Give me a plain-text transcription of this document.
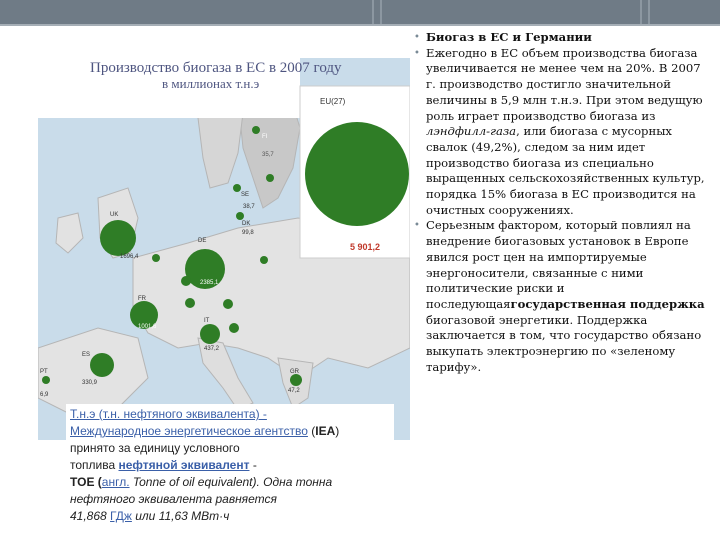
EU(27)
5 901,2
FI
35,7
SE
38,7
DK
99,8
UK
1696,4
DE
2385,1
FR
1001,6
IT
437,2
ES
330,9
PT
6,9
GR
47,2
Производство биогаза в ЕС в 2007 году
в миллионах т.н.э
Т.н.э (т.н. нефтяного эквивалента) -
Международное энергетическое агентство (IEA)
принято за единицу условного
топлива нефтяной эквивалент -
TOE (англ. Tonne of oil equivalent). Одна тонна
нефтяного эквивалента равняется
41,868 ГДж или 11,63 МВт·ч
• Биогаз в ЕС и Германии
• Ежегодно в ЕС объем производства биогаза увеличивается не менее чем на 20%. В 2007 г. производство достигло значительной величины в 5,9 млн т.н.э. При этом ведущую роль играет производство биогаза из лэндфилл-газа, или биогаза с мусорных свалок (49,2%), следом за ним идет производство биогаза из специально выращенных сельскохозяйственных культур, порядка 15% биогаза в ЕС производится на очистных сооружениях.
• Серьезным фактором, который повлиял на внедрение биогазовых установок в Европе явился рост цен на импортируемые энергоносители, связанные с ними политические риски и последующаягосударственная поддержка биогазовой энергетики. Поддержка заключается в том, что государство обязано выкупать электроэнергию по «зеленому тарифу».
